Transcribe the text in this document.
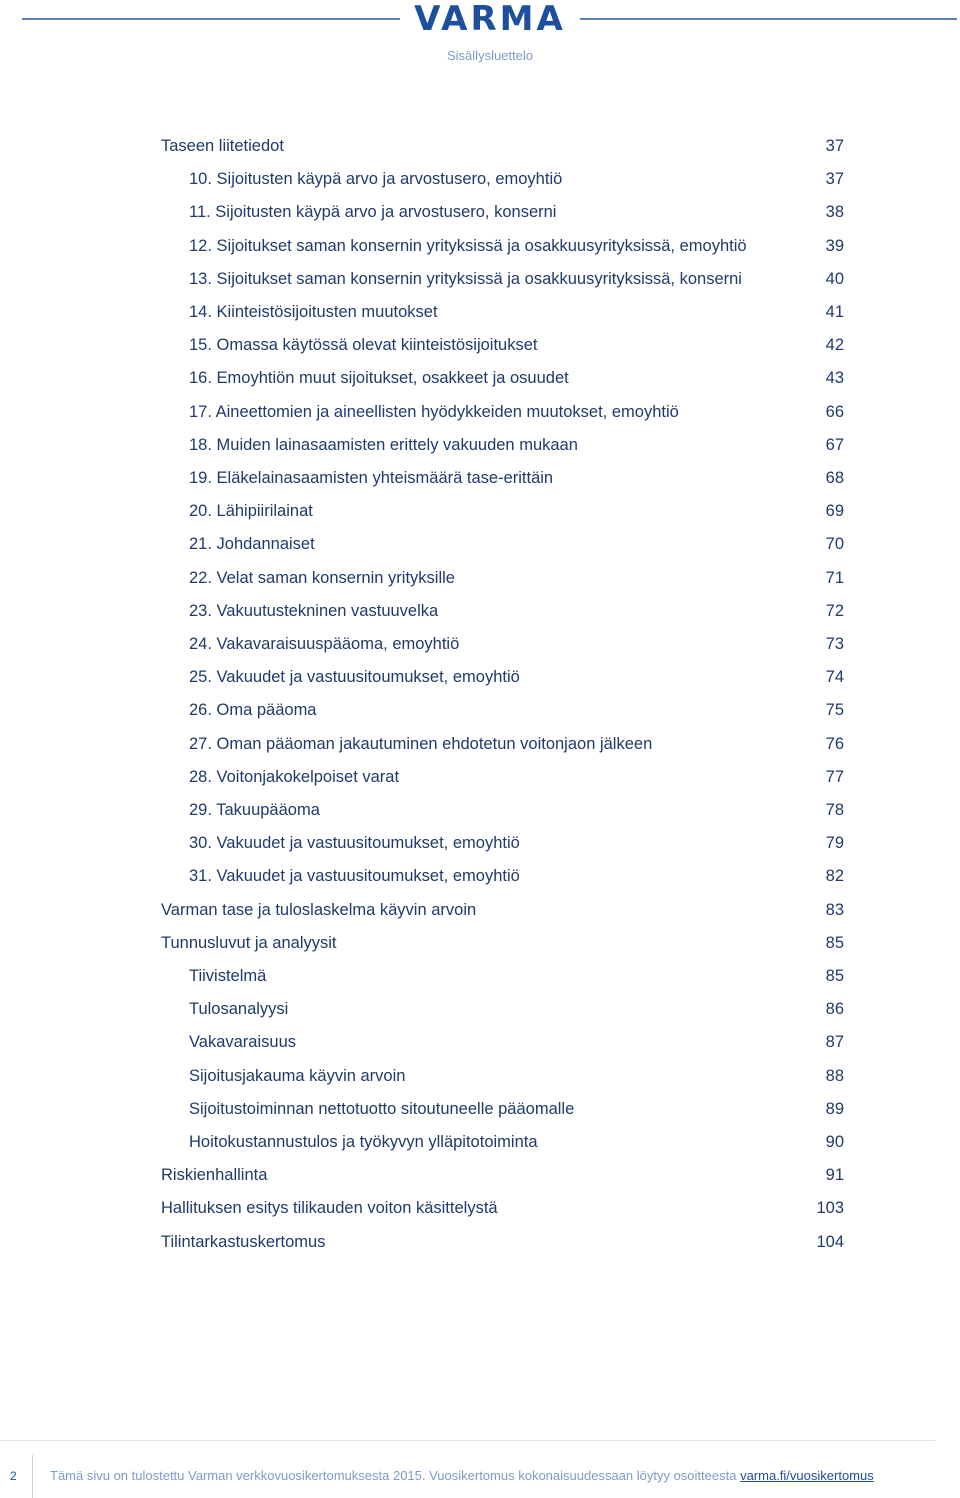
VARMA
Sisällysluettelo
Taseen liitetiedot	37
10. Sijoitusten käypä arvo ja arvostusero, emoyhtiö	37
11. Sijoitusten käypä arvo ja arvostusero, konserni	38
12. Sijoitukset saman konsernin yrityksissä ja osakkuusyrityksissä, emoyhtiö	39
13. Sijoitukset saman konsernin yrityksissä ja osakkuusyrityksissä, konserni	40
14. Kiinteistösijoitusten muutokset	41
15. Omassa käytössä olevat kiinteistösijoitukset	42
16. Emoyhtiön muut sijoitukset, osakkeet ja osuudet	43
17. Aineettomien ja aineellisten hyödykkeiden muutokset, emoyhtiö	66
18. Muiden lainasaamisten erittely vakuuden mukaan	67
19. Eläkelainasaamisten yhteismäärä tase-erittäin	68
20. Lähipiirilainat	69
21. Johdannaiset	70
22. Velat saman konsernin yrityksille	71
23. Vakuutustekninen vastuuvelka	72
24. Vakavaraisuuspääoma, emoyhtiö	73
25. Vakuudet ja vastuusitoumukset, emoyhtiö	74
26. Oma pääoma	75
27. Oman pääoman jakautuminen ehdotetun voitonjaon jälkeen	76
28. Voitonjakokelpoiset varat	77
29. Takuupääoma	78
30. Vakuudet ja vastuusitoumukset, emoyhtiö	79
31. Vakuudet ja vastuusitoumukset, emoyhtiö	82
Varman tase ja tuloslaskelma käyvin arvoin	83
Tunnusluvut ja analyysit	85
Tiivistelmä	85
Tulosanalyysi	86
Vakavaraisuus	87
Sijoitusjakauma käyvin arvoin	88
Sijoitustoiminnan nettotuotto sitoutuneelle pääomalle	89
Hoitokustannustulos ja työkyvyn ylläpitotoiminta	90
Riskienhallinta	91
Hallituksen esitys tilikauden voiton käsittelystä	103
Tilintarkastuskertomus	104
2	Tämä sivu on tulostettu Varman verkkovuosikertomuksesta 2015. Vuosikertomus kokonaisuudessaan löytyy osoitteesta varma.fi/vuosikertomus
